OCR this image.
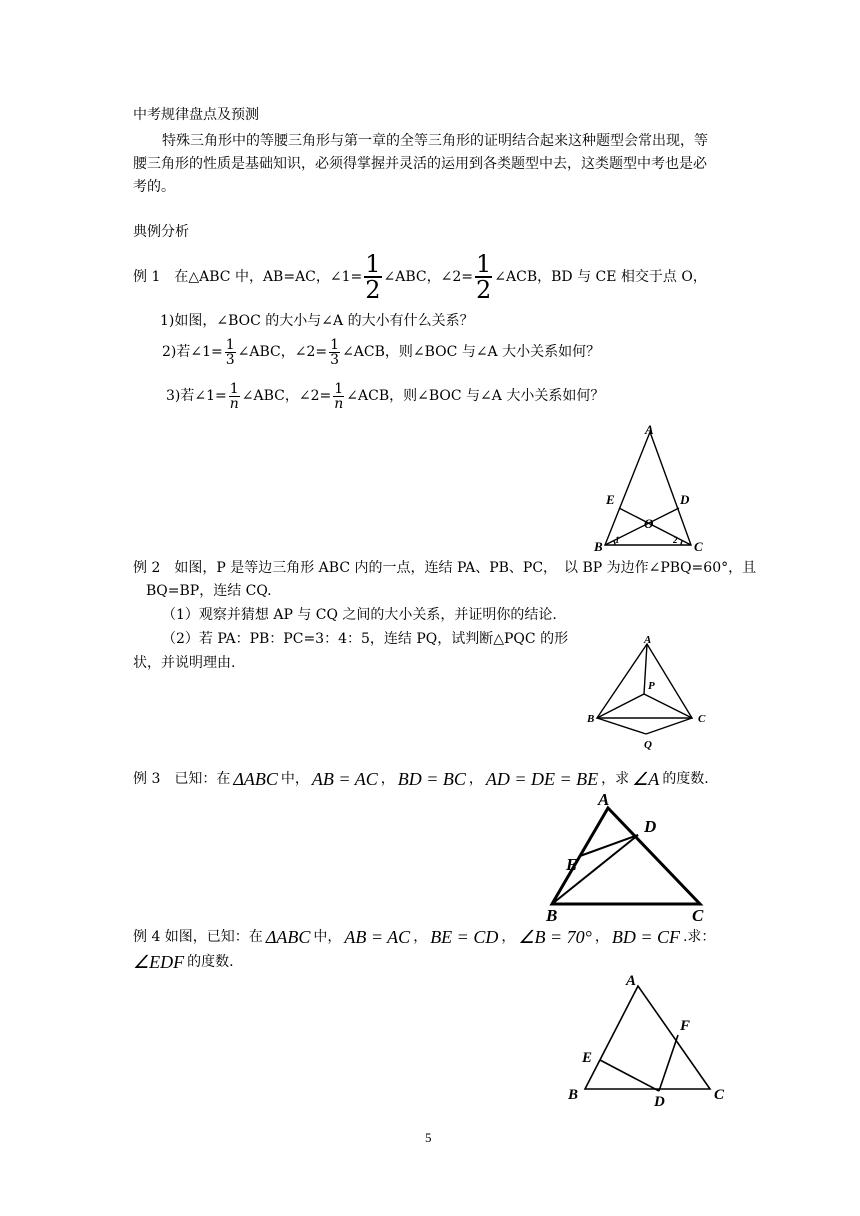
中考规律盘点及预测
特殊三角形中的等腰三角形与第一章的全等三角形的证明结合起来这种题型会常出现，等
腰三角形的性质是基础知识，必须得掌握并灵活的运用到各类题型中去，这类题型中考也是必
考的。
典例分析
例 1　在△ABC 中，AB=AC，∠1= $\frac{1}{2}$ ∠ABC，∠2= $\frac{1}{2}$ ∠ACB，BD 与 CE 相交于点 O，
1)如图，∠BOC 的大小与∠A 的大小有什么关系？
2)若∠1= $\frac{1}{3}$ ∠ABC，∠2= $\frac{1}{3}$ ∠ACB，则∠BOC 与∠A 大小关系如何？
3)若∠1= $\frac{1}{n}$ ∠ABC，∠2= $\frac{1}{n}$ ∠ACB，则∠BOC 与∠A 大小关系如何？
A
E	D
O
B	C
1	2
例 2　如图，P 是等边三角形 ABC 内的一点，连结 PA、PB、PC，　以 BP 为边作∠PBQ=60°，且
BQ=BP，连结 CQ.
（1）观察并猜想 AP 与 CQ 之间的大小关系，并证明你的结论.
（2）若 PA：PB：PC=3：4：5，连结 PQ，试判断△PQC 的形
状，并说明理由.
A
P
B	C
Q
例 3　已知：在 ΔABC 中， AB = AC ， BD = BC ， AD = DE = BE ，求 ∠A 的度数.
A
D
E
B	C
例 4 如图，已知：在 ΔABC 中， AB = AC ， BE = CD ， ∠B = 70° ， BD = CF .求：
∠EDF 的度数.
A
F
E
B	D	C
5
